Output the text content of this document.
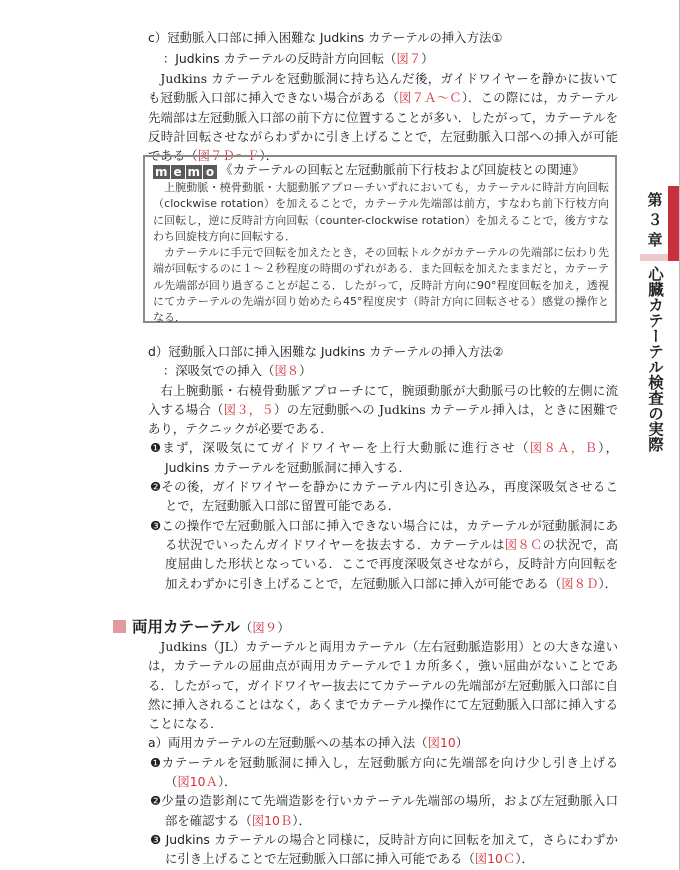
第３章
心臓カテーテル検査の実際

c）冠動脈入口部に挿入困難な Judkins カテーテルの挿入方法①

：Judkins カテーテルの反時計方向回転（図７）

Judkins カテーテルを冠動脈洞に持ち込んだ後，ガイドワイヤーを静かに抜いても冠動脈入口部に挿入できない場合がある（図７Ａ～Ｃ）．この際には，カテーテル先端部は左冠動脈入口部の前下方に位置することが多い．したがって，カテーテルを反時計回転させながらわずかに引き上げることで，左冠動脈入口部への挿入が可能である（図７Ｄ～Ｆ）．

m e m o 《カテーテルの回転と左冠動脈前下行枝および回旋枝との関連》

上腕動脈・橈骨動脈・大腿動脈アプローチいずれにおいても，カテーテルに時計方向回転（clockwise rotation）を加えることで，カテーテル先端部は前方，すなわち前下行枝方向に回転し，逆に反時計方向回転（counter-clockwise rotation）を加えることで，後方すなわち回旋枝方向に回転する．

カテーテルに手元で回転を加えたとき，その回転トルクがカテーテルの先端部に伝わり先端が回転するのに１～２秒程度の時間のずれがある．また回転を加えたままだと，カテーテル先端部が回り過ぎることが起こる．したがって，反時計方向に90°程度回転を加え，透視にてカテーテルの先端が回り始めたら45°程度戻す（時計方向に回転させる）感覚の操作となる．

d）冠動脈入口部に挿入困難な Judkins カテーテルの挿入方法②

：深吸気での挿入（図８）

右上腕動脈・右橈骨動脈アプローチにて，腕頭動脈が大動脈弓の比較的左側に流入する場合（図３，５）の左冠動脈への Judkins カテーテル挿入は，ときに困難であり，テクニックが必要である．

❶まず，深吸気にてガイドワイヤーを上行大動脈に進行させ（図８Ａ，Ｂ），Judkins カテーテルを冠動脈洞に挿入する．

❷その後，ガイドワイヤーを静かにカテーテル内に引き込み，再度深吸気させることで，左冠動脈入口部に留置可能である．

❸この操作で左冠動脈入口部に挿入できない場合には，カテーテルが冠動脈洞にある状況でいったんガイドワイヤーを抜去する．カテーテルは図８Ｃの状況で，高度屈曲した形状となっている．ここで再度深吸気させながら，反時計方向回転を加えわずかに引き上げることで，左冠動脈入口部に挿入が可能である（図８Ｄ）．

両用カテーテル（図９）

Judkins（JL）カテーテルと両用カテーテル（左右冠動脈造影用）との大きな違いは，カテーテルの屈曲点が両用カテーテルで１カ所多く，強い屈曲がないことである．したがって，ガイドワイヤー抜去にてカテーテルの先端部が左冠動脈入口部に自然に挿入されることはなく，あくまでカテーテル操作にて左冠動脈入口部に挿入することになる．

a）両用カテーテルの左冠動脈への基本の挿入法（図10）

❶カテーテルを冠動脈洞に挿入し，左冠動脈方向に先端部を向け少し引き上げる（図10Ａ）．

❷少量の造影剤にて先端造影を行いカテーテル先端部の場所，および左冠動脈入口部を確認する（図10Ｂ）．

❸ Judkins カテーテルの場合と同様に，反時計方向に回転を加えて，さらにわずかに引き上げることで左冠動脈入口部に挿入可能である（図10Ｃ）．
